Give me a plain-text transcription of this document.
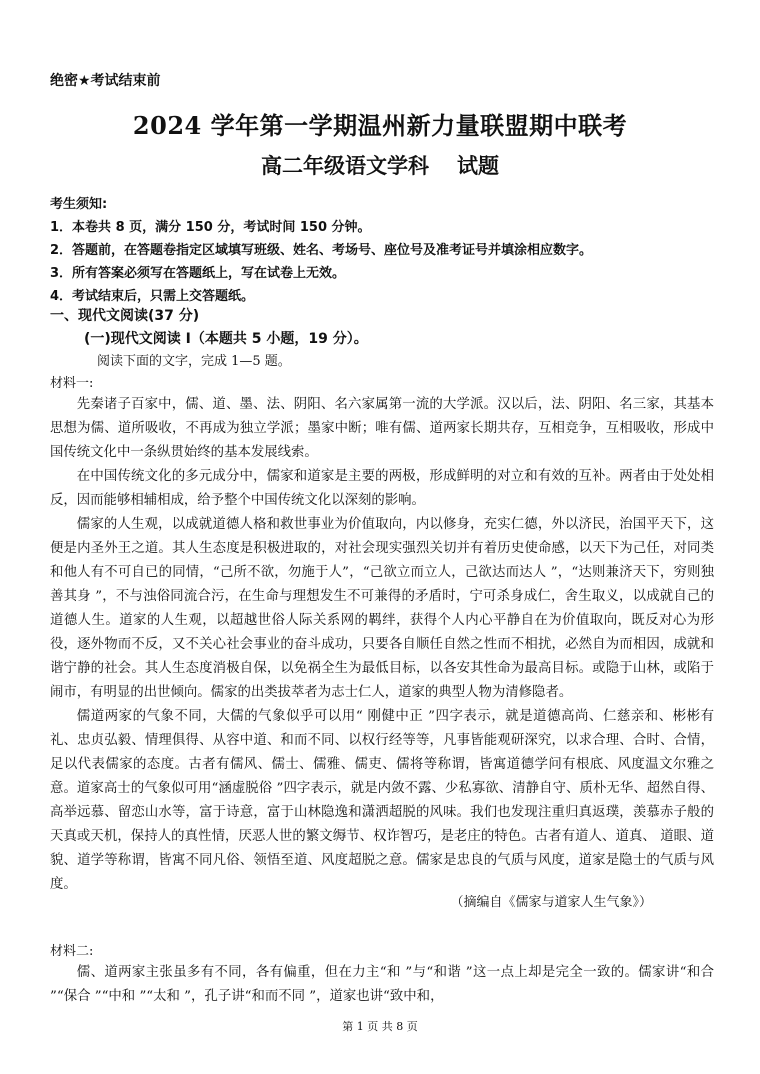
绝密★考试结束前
2024 学年第一学期温州新力量联盟期中联考
高二年级语文学科 试题
考生须知:
1．本卷共 8 页，满分 150 分，考试时间 150 分钟。
2．答题前，在答题卷指定区域填写班级、姓名、考场号、座位号及准考证号并填涂相应数字。
3．所有答案必须写在答题纸上，写在试卷上无效。
4．考试结束后，只需上交答题纸。
一、现代文阅读(37 分)
(一)现代文阅读 I（本题共 5 小题，19 分）。
阅读下面的文字，完成 1—5 题。
材料一:

先秦诸子百家中，儒、道、墨、法、阴阳、名六家属第一流的大学派。汉以后，法、阴阳、名三家，其基本思想为儒、道所吸收，不再成为独立学派；墨家中断；唯有儒、道两家长期共存，互相竞争，互相吸收，形成中国传统文化中一条纵贯始终的基本发展线索。

在中国传统文化的多元成分中，儒家和道家是主要的两极，形成鲜明的对立和有效的互补。两者由于处处相反，因而能够相辅相成，给予整个中国传统文化以深刻的影响。

儒家的人生观，以成就道德人格和救世事业为价值取向，内以修身，充实仁德，外以济民，治国平天下，这便是内圣外王之道。其人生态度是积极进取的，对社会现实强烈关切并有着历史使命感，以天下为己任，对同类和他人有不可自已的同情，“己所不欲，勿施于人”，“己欲立而立人，己欲达而达人 ”，“达则兼济天下，穷则独善其身 ”，不与浊俗同流合污，在生命与理想发生不可兼得的矛盾时，宁可杀身成仁，舍生取义，以成就自己的道德人生。道家的人生观，以超越世俗人际关系网的羁绊，获得个人内心平静自在为价值取向，既反对心为形役，逐外物而不反，又不关心社会事业的奋斗成功，只要各自顺任自然之性而不相扰，必然自为而相因，成就和谐宁静的社会。其人生态度消极自保，以免祸全生为最低目标，以各安其性命为最高目标。或隐于山林，或陷于闹市，有明显的出世倾向。儒家的出类拔萃者为志士仁人，道家的典型人物为清修隐者。

儒道两家的气象不同，大儒的气象似乎可以用“ 刚健中正 ”四字表示，就是道德高尚、仁慈亲和、彬彬有礼、忠贞弘毅、情理俱得、从容中道、和而不同、以权行经等等，凡事皆能观研深究，以求合理、合时、合情，足以代表儒家的态度。古者有儒风、儒士、儒雅、儒吏、儒将等称谓，皆寓道德学问有根底、风度温文尔雅之意。道家高士的气象似可用“涵虚脱俗 ”四字表示，就是内敛不露、少私寡欲、清静自守、质朴无华、超然自得、高举远慕、留恋山水等，富于诗意，富于山林隐逸和潇洒超脱的风味。我们也发现注重归真返璞，羡慕赤子般的天真或天机，保持人的真性情，厌恶人世的繁文缛节、权诈智巧，是老庄的特色。古者有道人、道真、 道眼、道貌、道学等称谓，皆寓不同凡俗、领悟至道、风度超脱之意。儒家是忠良的气质与风度，道家是隐士的气质与风度。

（摘编自《儒家与道家人生气象》）
材料二:

儒、道两家主张虽多有不同，各有偏重，但在力主“和 ”与“和谐 ”这一点上却是完全一致的。儒家讲“和合 ”“保合 ”“中和 ”“太和 ”，孔子讲“和而不同 ”，道家也讲“致中和，

第 1 页 共 8 页
